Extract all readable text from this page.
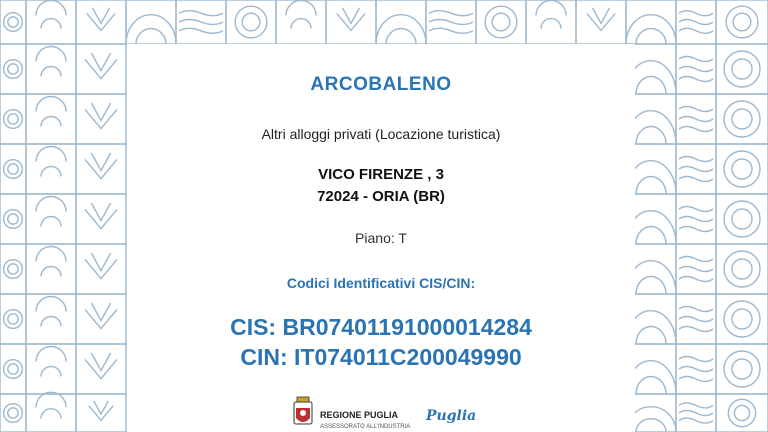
ARCOBALENO
Altri alloggi privati (Locazione turistica)
VICO FIRENZE , 3
72024 - ORIA (BR)
Piano: T
Codici Identificativi CIS/CIN:
CIS: BR07401191000014284
CIN: IT074011C200049990
REGIONE PUGLIA
ASSESSORATO ALL'INDUSTRIA
Puglia
